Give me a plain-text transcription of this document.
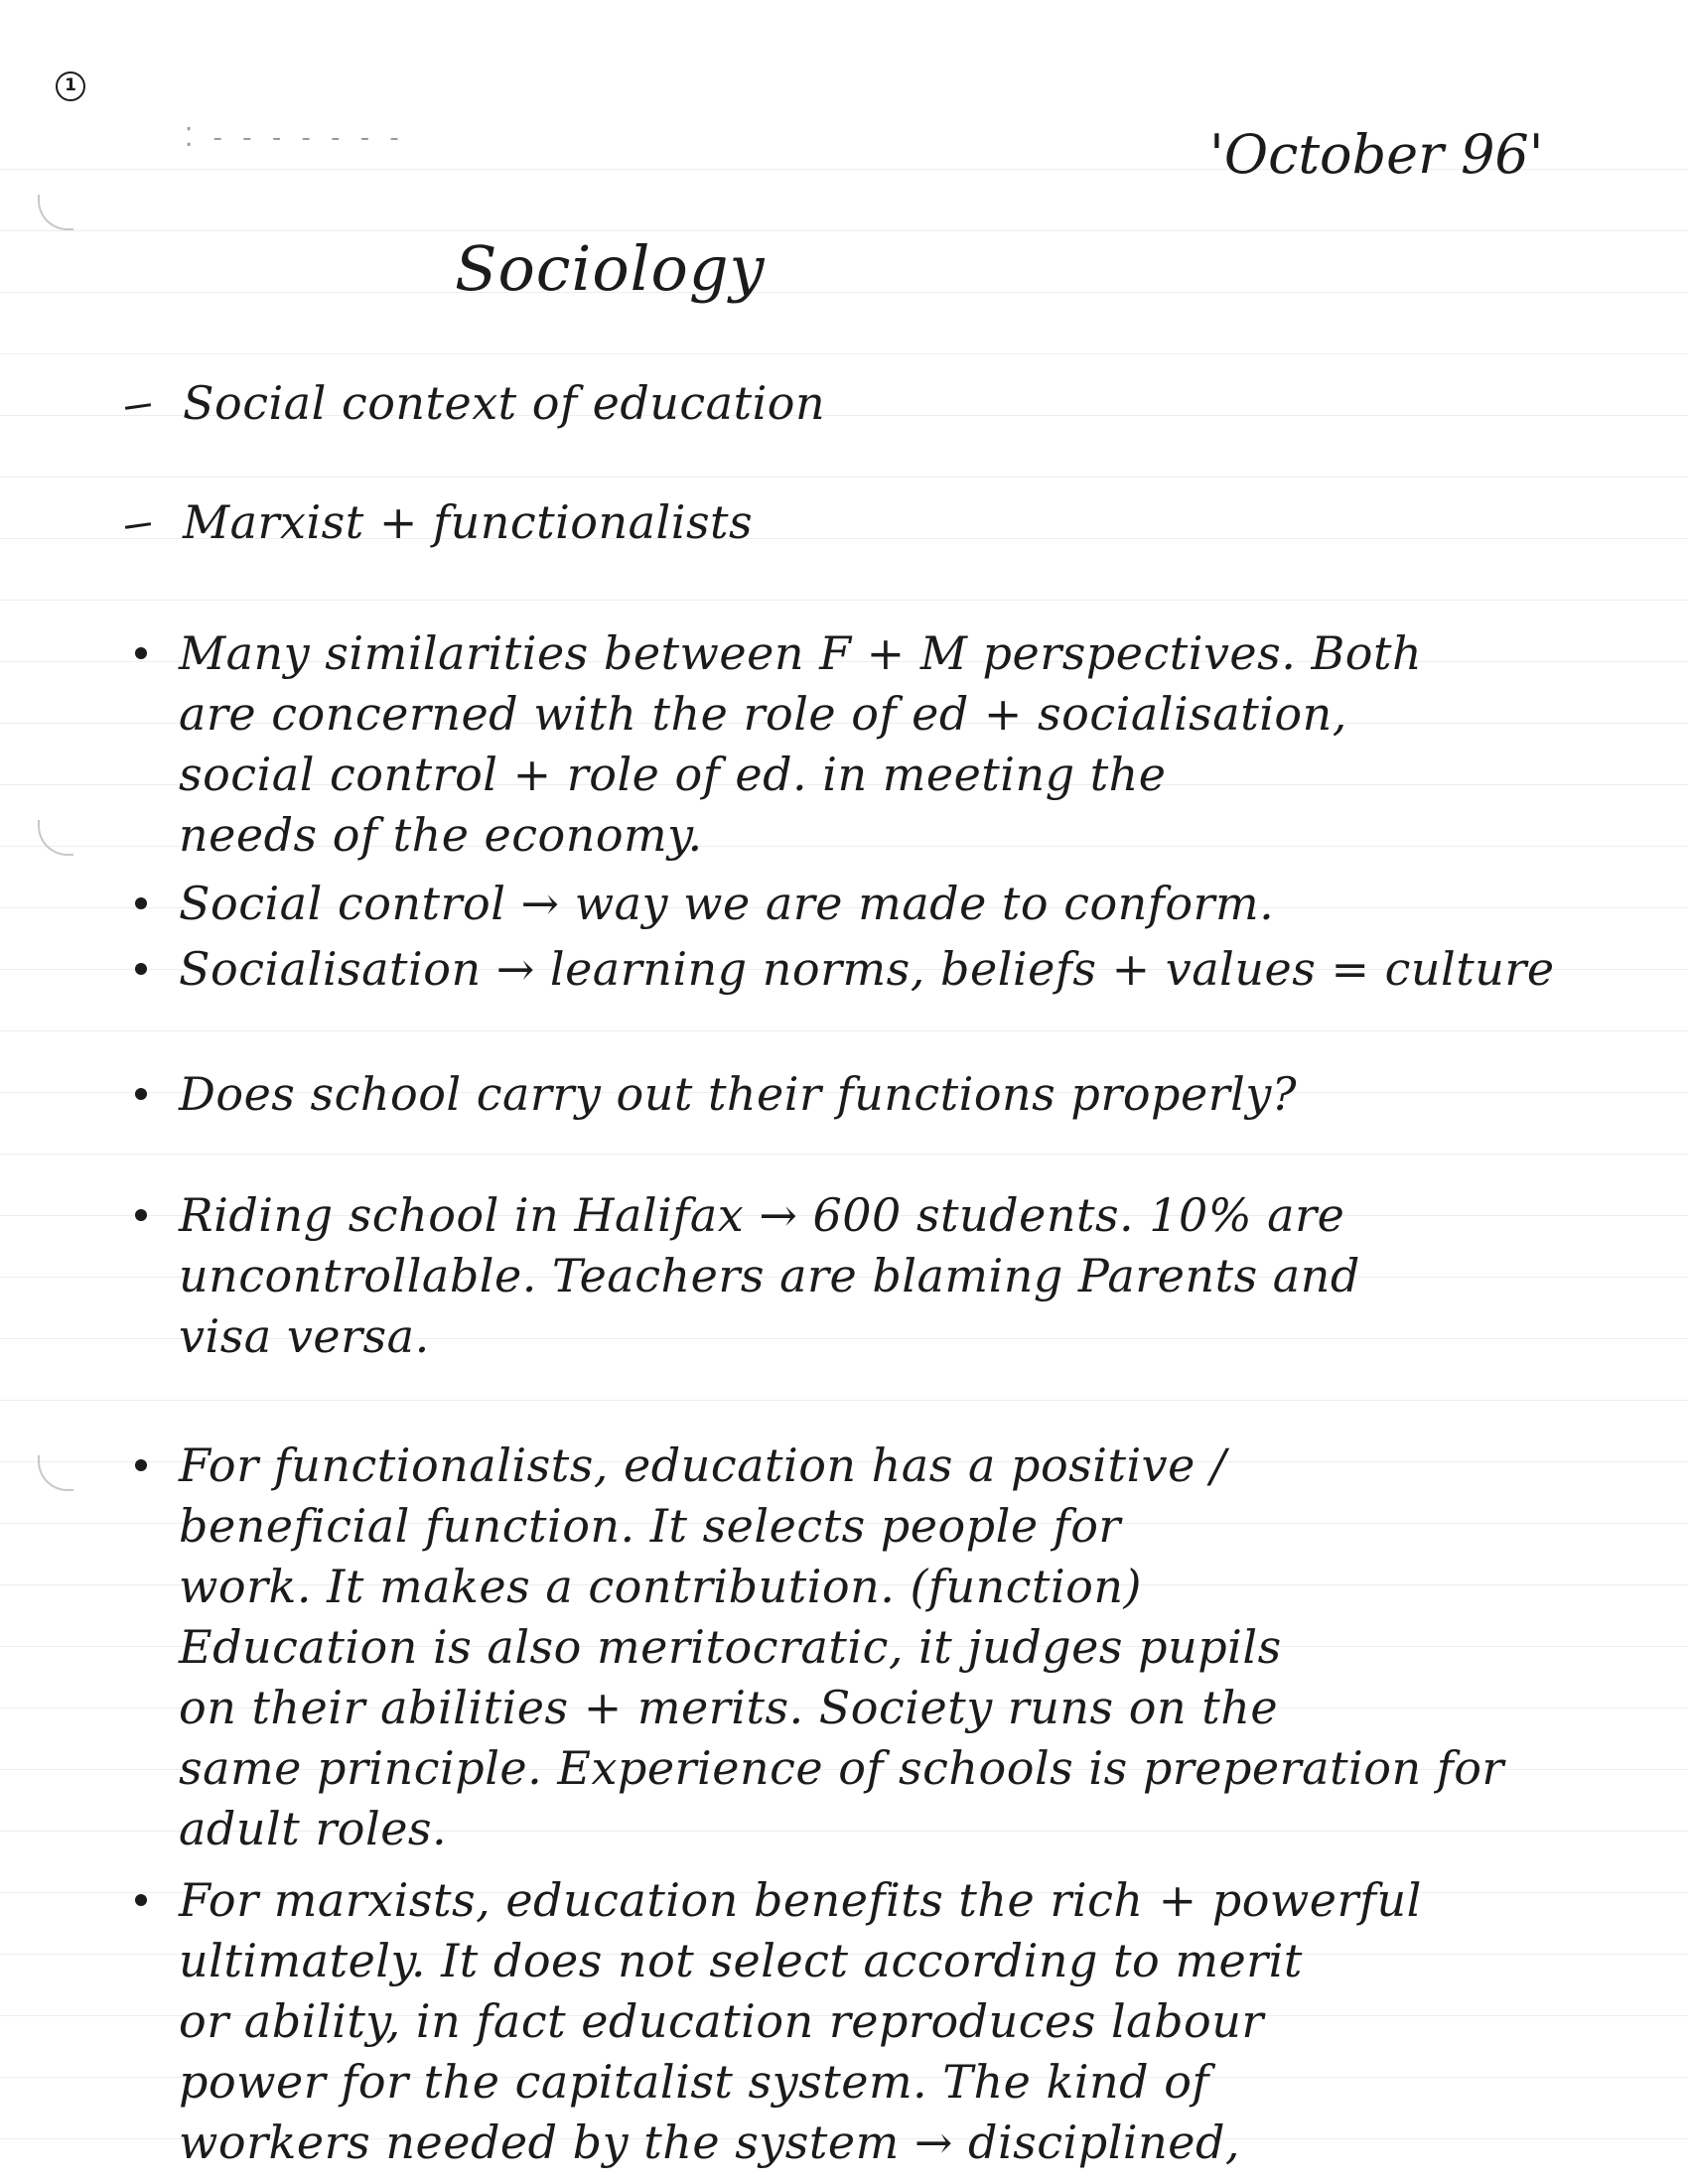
1
⁚ ‐ ‐ ‐ ‐ ‐ ‐ ‐	'October 96'
Sociology
Social context of education
Marxist + functionalists
Many similarities between F + M perspectives. Both
are concerned with the role of ed + socialisation,
social control + role of ed. in meeting the
needs of the economy.
Social control → way we are made to conform.
Socialisation → learning norms, beliefs + values = culture
Does school carry out their functions properly?
Riding school in Halifax → 600 students. 10% are
uncontrollable. Teachers are blaming Parents and
visa versa.
For functionalists, education has a positive /
beneficial function. It selects people for
work. It makes a contribution. (function)
Education is also meritocratic, it judges pupils
on their abilities + merits. Society runs on the
same principle. Experience of schools is preperation for
adult roles.
For marxists, education benefits the rich + powerful
ultimately. It does not select according to merit
or ability, in fact education reproduces labour
power for the capitalist system. The kind of
workers needed by the system → disciplined,
